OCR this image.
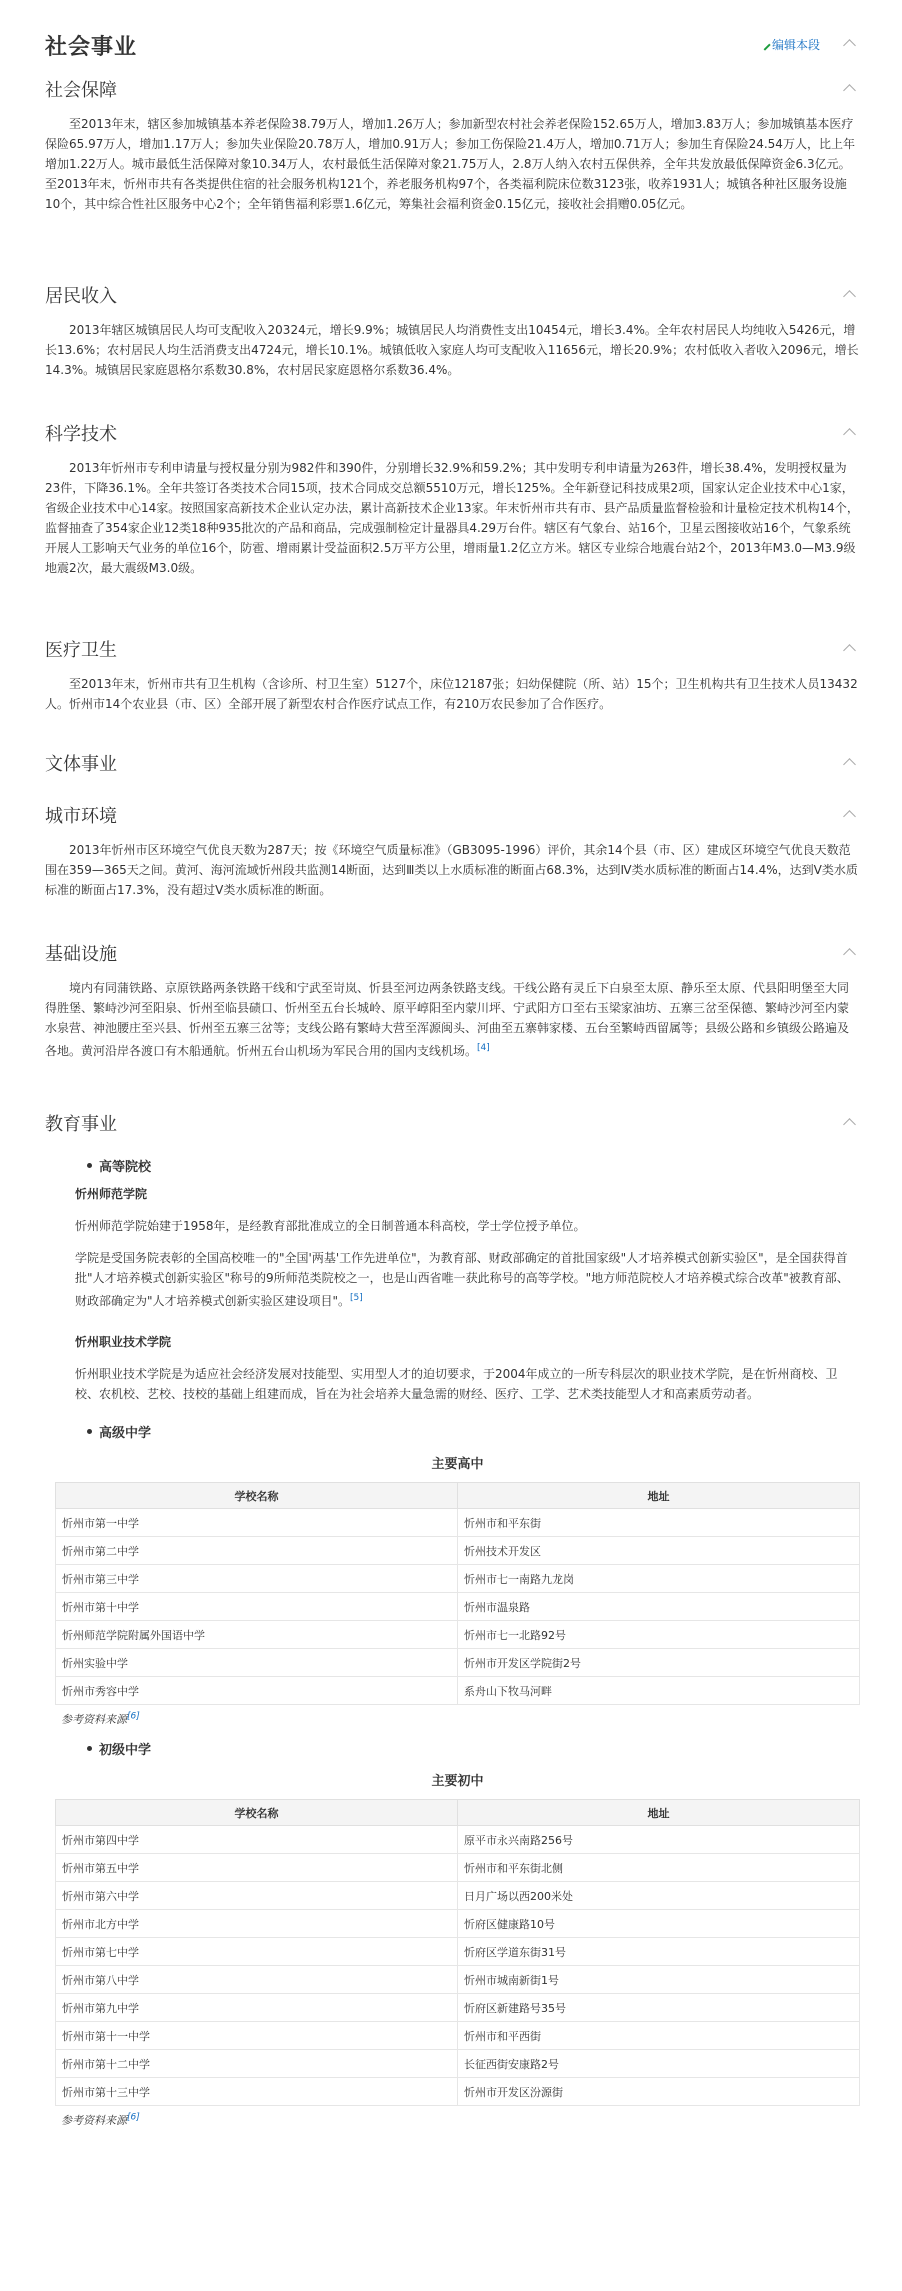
社会事业	编辑本段
社会保障

至2013年末，辖区参加城镇基本养老保险38.79万人，增加1.26万人；参加新型农村社会养老保险152.65万人，增加3.83万人；参加城镇基本医疗保险65.97万人，增加1.17万人；参加失业保险20.78万人，增加0.91万人；参加工伤保险21.4万人，增加0.71万人；参加生育保险24.54万人，比上年增加1.22万人。城市最低生活保障对象10.34万人，农村最低生活保障对象21.75万人，2.8万人纳入农村五保供养，全年共发放最低保障资金6.3亿元。至2013年末，忻州市共有各类提供住宿的社会服务机构121个，养老服务机构97个，各类福利院床位数3123张，收养1931人；城镇各种社区服务设施10个，其中综合性社区服务中心2个；全年销售福利彩票1.6亿元，筹集社会福利资金0.15亿元，接收社会捐赠0.05亿元。

居民收入

2013年辖区城镇居民人均可支配收入20324元，增长9.9%；城镇居民人均消费性支出10454元，增长3.4%。全年农村居民人均纯收入5426元，增长13.6%；农村居民人均生活消费支出4724元，增长10.1%。城镇低收入家庭人均可支配收入11656元，增长20.9%；农村低收入者收入2096元，增长14.3%。城镇居民家庭恩格尔系数30.8%，农村居民家庭恩格尔系数36.4%。

科学技术

2013年忻州市专利申请量与授权量分别为982件和390件，分别增长32.9%和59.2%；其中发明专利申请量为263件，增长38.4%，发明授权量为23件，下降36.1%。全年共签订各类技术合同15项，技术合同成交总额5510万元，增长125%。全年新登记科技成果2项，国家认定企业技术中心1家，省级企业技术中心14家。按照国家高新技术企业认定办法，累计高新技术企业13家。年末忻州市共有市、县产品质量监督检验和计量检定技术机构14个，监督抽查了354家企业12类18种935批次的产品和商品，完成强制检定计量器具4.29万台件。辖区有气象台、站16个，卫星云图接收站16个，气象系统开展人工影响天气业务的单位16个，防雹、增雨累计受益面积2.5万平方公里，增雨量1.2亿立方米。辖区专业综合地震台站2个，2013年M3.0—M3.9级地震2次，最大震级M3.0级。

医疗卫生

至2013年末，忻州市共有卫生机构（含诊所、村卫生室）5127个，床位12187张；妇幼保健院（所、站）15个；卫生机构共有卫生技术人员13432人。忻州市14个农业县（市、区）全部开展了新型农村合作医疗试点工作，有210万农民参加了合作医疗。

文体事业
城市环境

2013年忻州市区环境空气优良天数为287天；按《环境空气质量标准》（GB3095-1996）评价，其余14个县（市、区）建成区环境空气优良天数范围在359—365天之间。黄河、海河流域忻州段共监测14断面，达到Ⅲ类以上水质标准的断面占68.3%，达到Ⅳ类水质标准的断面占14.4%，达到Ⅴ类水质标准的断面占17.3%，没有超过Ⅴ类水质标准的断面。

基础设施

境内有同蒲铁路、京原铁路两条铁路干线和宁武至岢岚、忻县至河边两条铁路支线。干线公路有灵丘下白泉至太原、静乐至太原、代县阳明堡至大同得胜堡、繁峙沙河至阳泉、忻州至临县碛口、忻州至五台长城岭、原平崞阳至内蒙川坪、宁武阳方口至右玉梁家油坊、五寨三岔至保德、繁峙沙河至内蒙水泉营、神池腰庄至兴县、忻州至五寨三岔等；支线公路有繁峙大营至浑源闽头、河曲至五寨韩家楼、五台至繁峙西留属等；县级公路和乡镇级公路遍及各地。黄河沿岸各渡口有木船通航。忻州五台山机场为军民合用的国内支线机场。[4]

教育事业
高等院校
忻州师范学院

忻州师范学院始建于1958年，是经教育部批准成立的全日制普通本科高校，学士学位授予单位。

学院是受国务院表彰的全国高校唯一的"全国'两基'工作先进单位"，为教育部、财政部确定的首批国家级"人才培养模式创新实验区"，是全国获得首批"人才培养模式创新实验区"称号的9所师范类院校之一，也是山西省唯一获此称号的高等学校。"地方师范院校人才培养模式综合改革"被教育部、财政部确定为"人才培养模式创新实验区建设项目"。[5]

忻州职业技术学院

忻州职业技术学院是为适应社会经济发展对技能型、实用型人才的迫切要求，于2004年成立的一所专科层次的职业技术学院，是在忻州商校、卫校、农机校、艺校、技校的基础上组建而成，旨在为社会培养大量急需的财经、医疗、工学、艺术类技能型人才和高素质劳动者。

高级中学
主要高中
学校名称	地址
忻州市第一中学	忻州市和平东街
忻州市第二中学	忻州技术开发区
忻州市第三中学	忻州市七一南路九龙岗
忻州市第十中学	忻州市温泉路
忻州师范学院附属外国语中学	忻州市七一北路92号
忻州实验中学	忻州市开发区学院街2号
忻州市秀容中学	系舟山下牧马河畔
参考资料来源[6]
初级中学
主要初中
学校名称	地址
忻州市第四中学	原平市永兴南路256号
忻州市第五中学	忻州市和平东街北侧
忻州市第六中学	日月广场以西200米处
忻州市北方中学	忻府区健康路10号
忻州市第七中学	忻府区学道东街31号
忻州市第八中学	忻州市城南新街1号
忻州市第九中学	忻府区新建路号35号
忻州市第十一中学	忻州市和平西街
忻州市第十二中学	长征西街安康路2号
忻州市第十三中学	忻州市开发区汾源街
参考资料来源[6]
